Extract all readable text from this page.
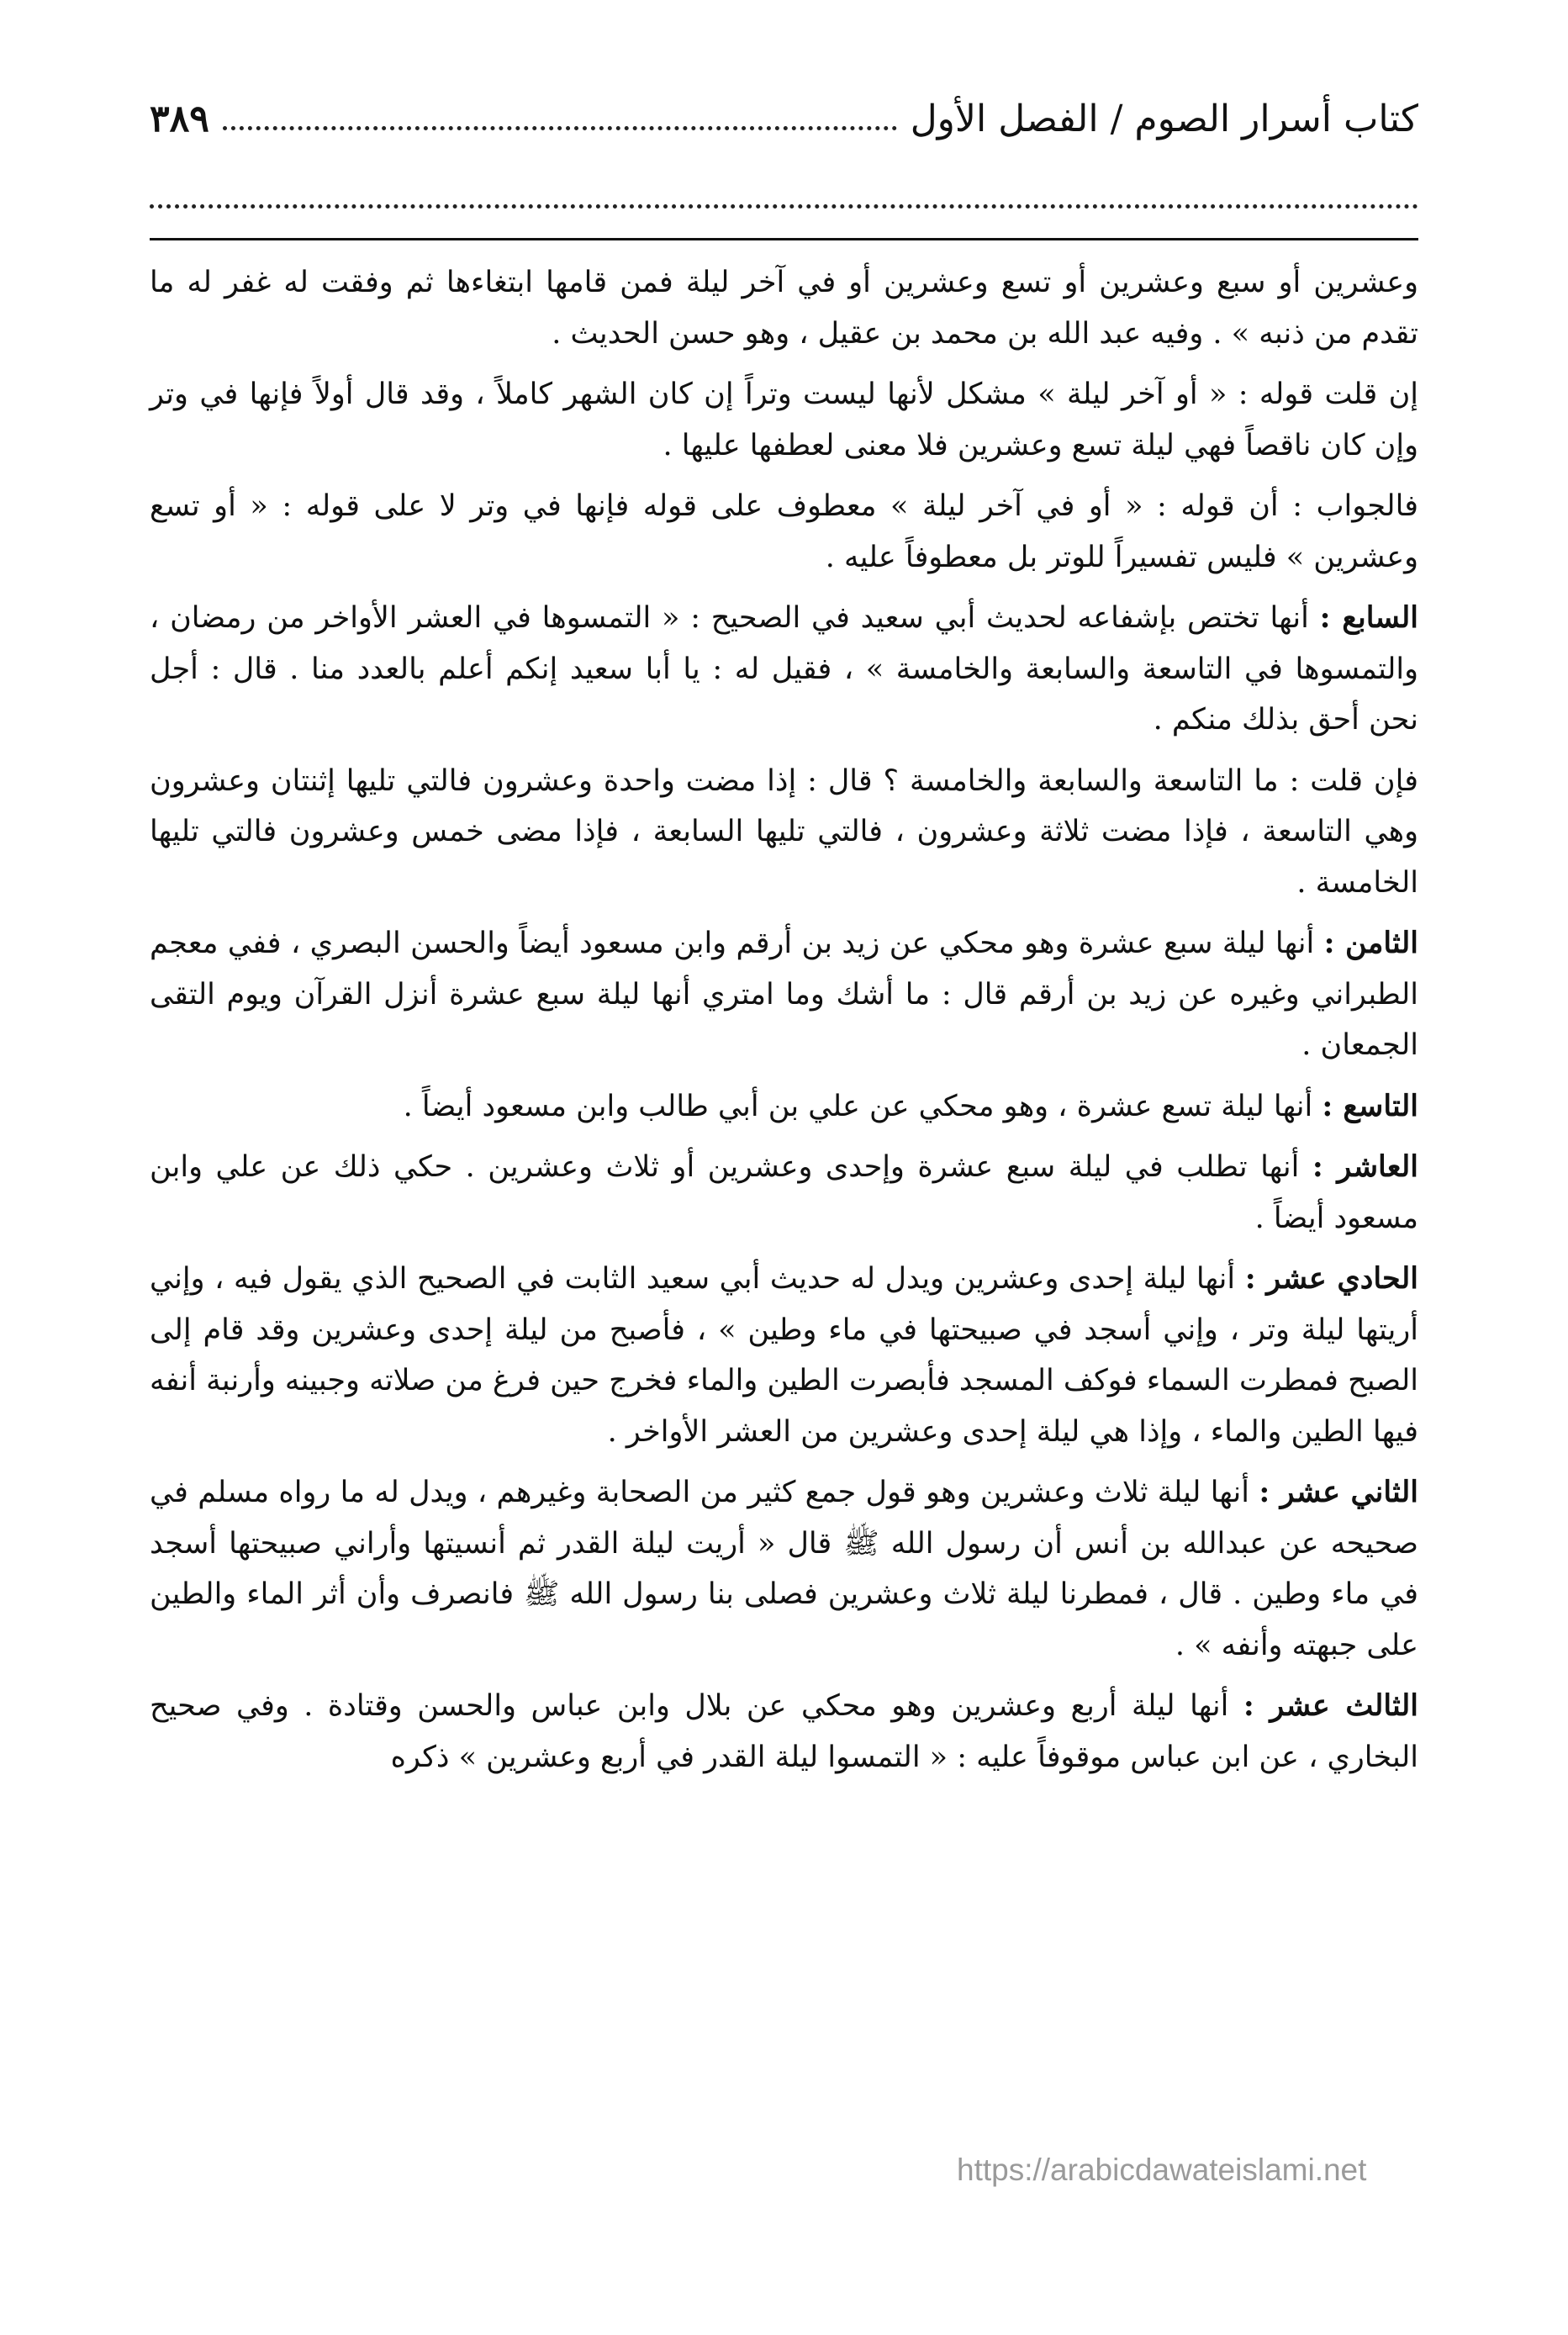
كتاب أسرار الصوم / الفصل الأول
٣٨٩

وعشرين أو سبع وعشرين أو تسع وعشرين أو في آخر ليلة فمن قامها ابتغاءها ثم وفقت له غفر له ما تقدم من ذنبه » . وفيه عبد الله بن محمد بن عقيل ، وهو حسن الحديث .

إن قلت قوله : « أو آخر ليلة » مشكل لأنها ليست وتراً إن كان الشهر كاملاً ، وقد قال أولاً فإنها في وتر وإن كان ناقصاً فهي ليلة تسع وعشرين فلا معنى لعطفها عليها .

فالجواب : أن قوله : « أو في آخر ليلة » معطوف على قوله فإنها في وتر لا على قوله : « أو تسع وعشرين » فليس تفسيراً للوتر بل معطوفاً عليه .

السابع : أنها تختص بإشفاعه لحديث أبي سعيد في الصحيح : « التمسوها في العشر الأواخر من رمضان ، والتمسوها في التاسعة والسابعة والخامسة » ، فقيل له : يا أبا سعيد إنكم أعلم بالعدد منا . قال : أجل نحن أحق بذلك منكم .

فإن قلت : ما التاسعة والسابعة والخامسة ؟ قال : إذا مضت واحدة وعشرون فالتي تليها إثنتان وعشرون وهي التاسعة ، فإذا مضت ثلاثة وعشرون ، فالتي تليها السابعة ، فإذا مضى خمس وعشرون فالتي تليها الخامسة .

الثامن : أنها ليلة سبع عشرة وهو محكي عن زيد بن أرقم وابن مسعود أيضاً والحسن البصري ، ففي معجم الطبراني وغيره عن زيد بن أرقم قال : ما أشك وما امتري أنها ليلة سبع عشرة أنزل القرآن ويوم التقى الجمعان .

التاسع : أنها ليلة تسع عشرة ، وهو محكي عن علي بن أبي طالب وابن مسعود أيضاً .

العاشر : أنها تطلب في ليلة سبع عشرة وإحدى وعشرين أو ثلاث وعشرين . حكي ذلك عن علي وابن مسعود أيضاً .

الحادي عشر : أنها ليلة إحدى وعشرين ويدل له حديث أبي سعيد الثابت في الصحيح الذي يقول فيه ، وإني أريتها ليلة وتر ، وإني أسجد في صبيحتها في ماء وطين » ، فأصبح من ليلة إحدى وعشرين وقد قام إلى الصبح فمطرت السماء فوكف المسجد فأبصرت الطين والماء فخرج حين فرغ من صلاته وجبينه وأرنبة أنفه فيها الطين والماء ، وإذا هي ليلة إحدى وعشرين من العشر الأواخر .

الثاني عشر : أنها ليلة ثلاث وعشرين وهو قول جمع كثير من الصحابة وغيرهم ، ويدل له ما رواه مسلم في صحيحه عن عبدالله بن أنس أن رسول الله ﷺ قال « أريت ليلة القدر ثم أنسيتها وأراني صبيحتها أسجد في ماء وطين . قال ، فمطرنا ليلة ثلاث وعشرين فصلى بنا رسول الله ﷺ فانصرف وأن أثر الماء والطين على جبهته وأنفه » .

الثالث عشر : أنها ليلة أربع وعشرين وهو محكي عن بلال وابن عباس والحسن وقتادة . وفي صحيح البخاري ، عن ابن عباس موقوفاً عليه : « التمسوا ليلة القدر في أربع وعشرين » ذكره

https://arabicdawateislami.net
